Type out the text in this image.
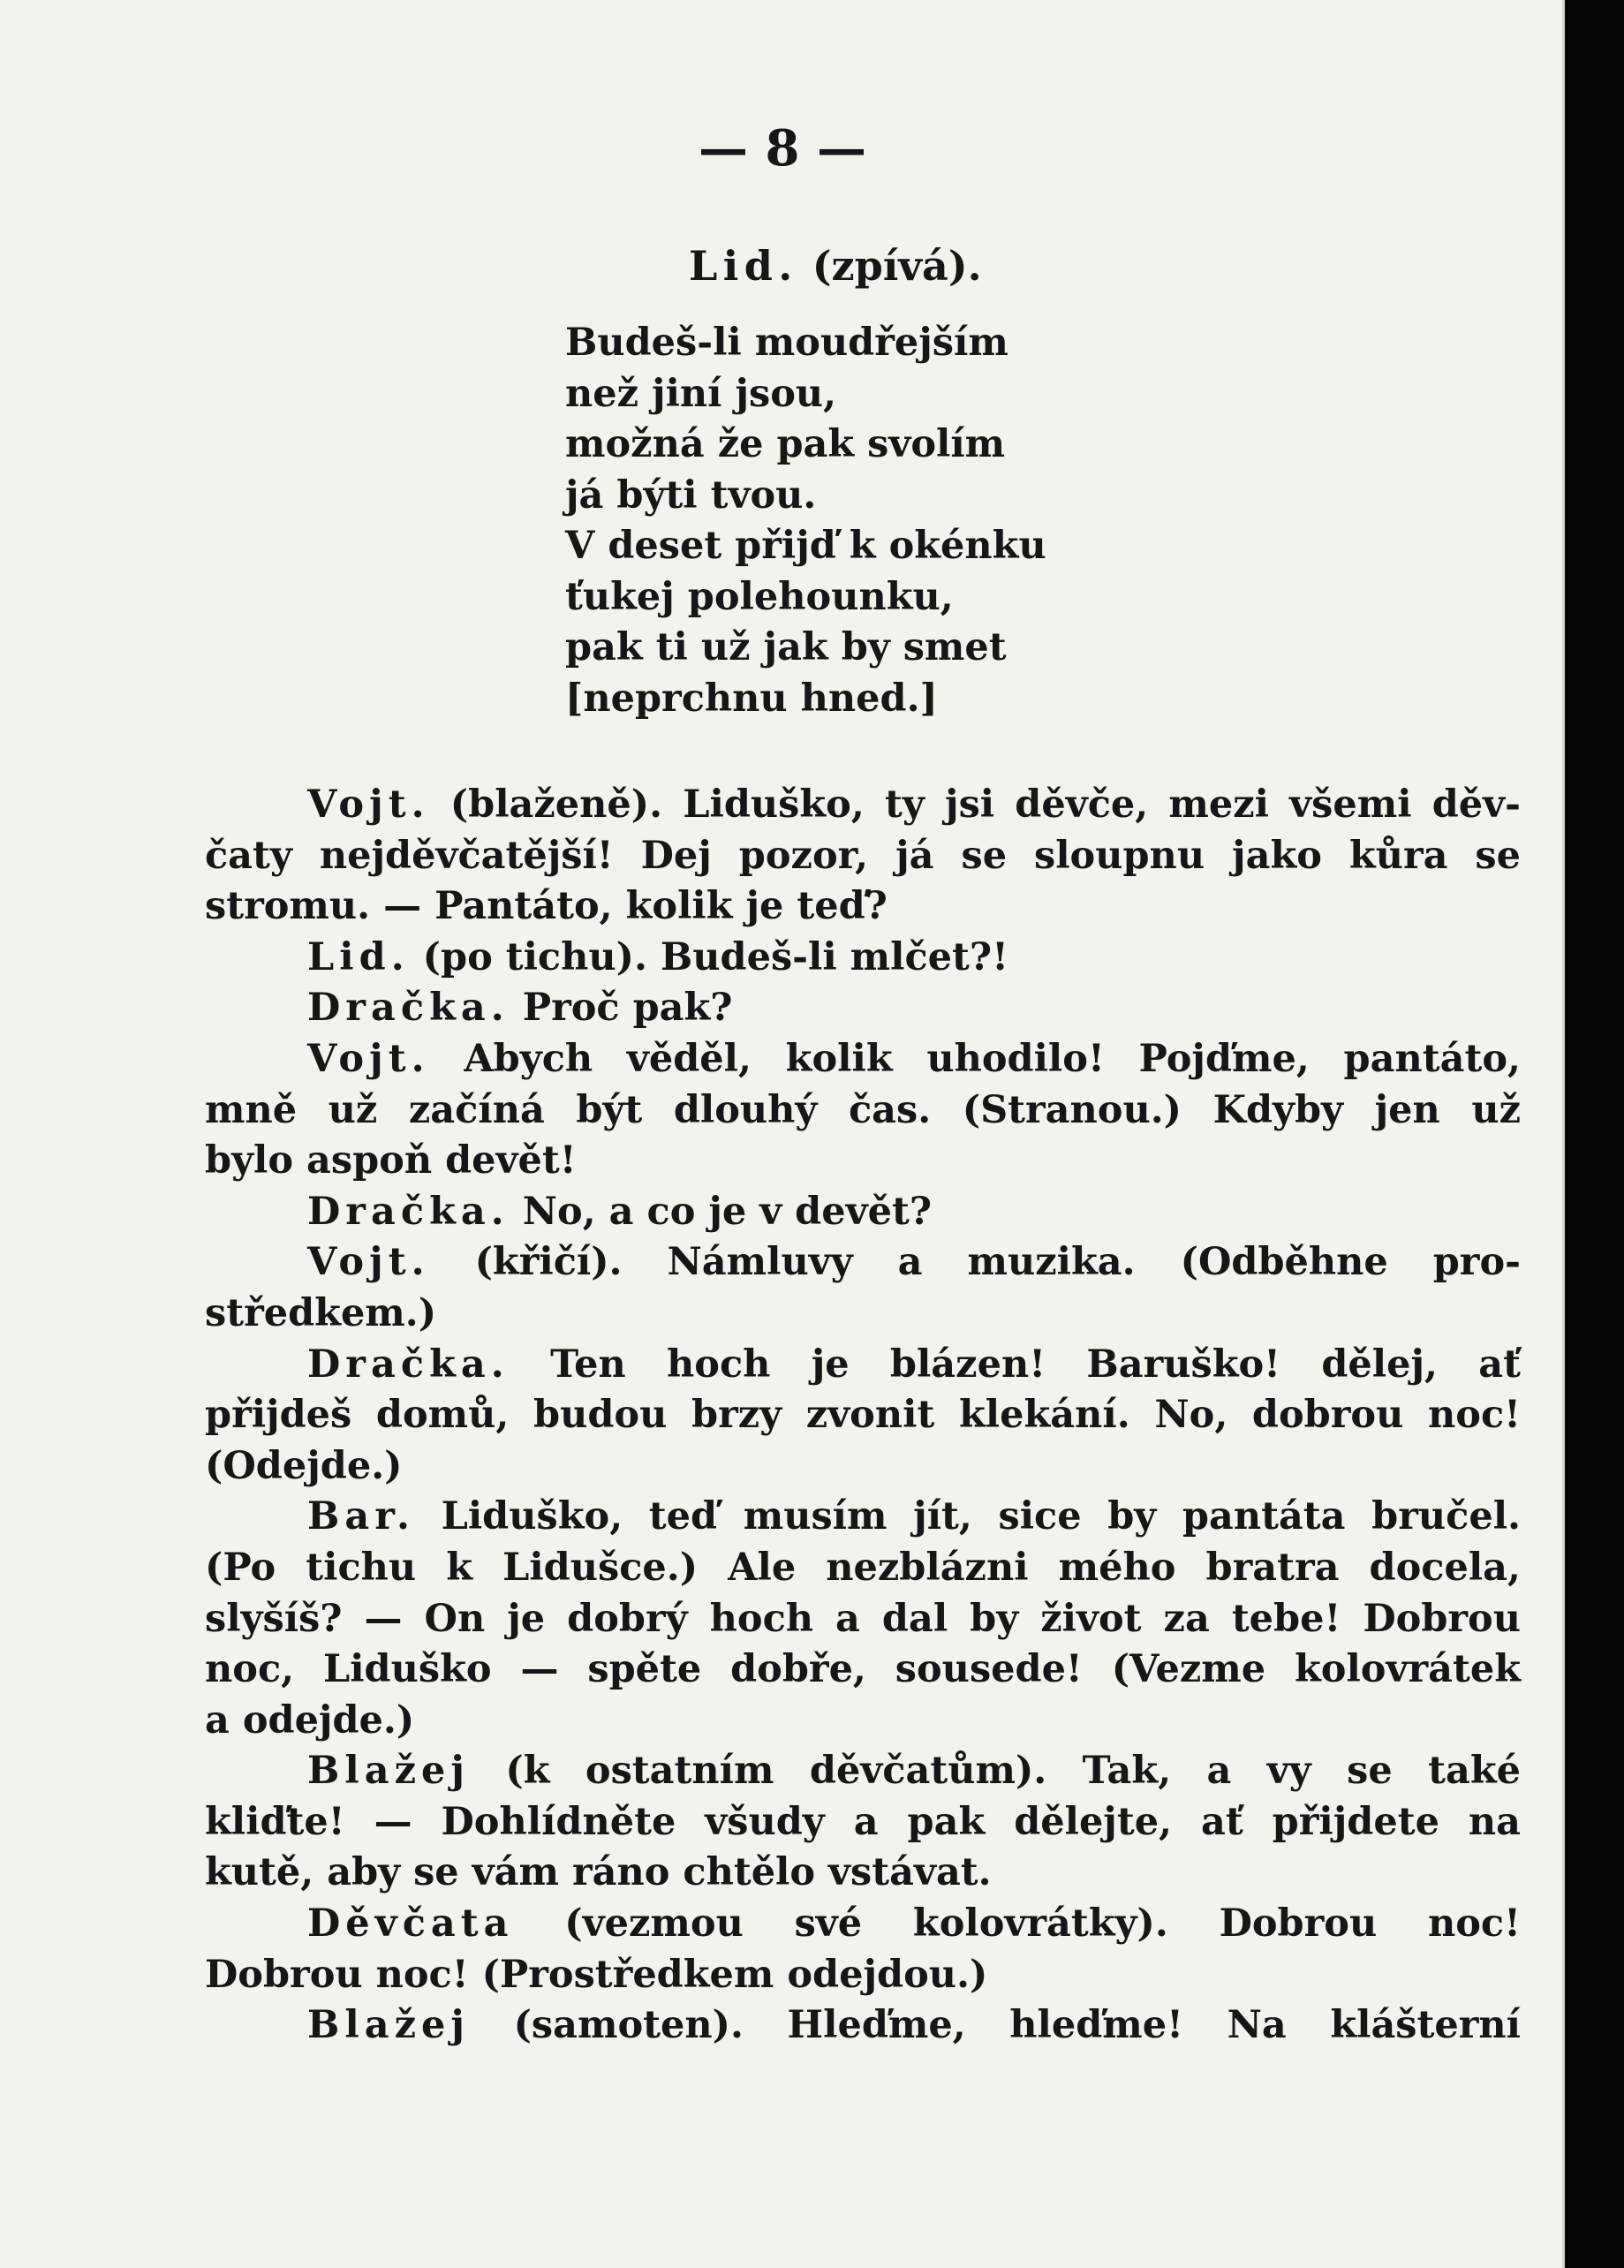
— 8 —
Lid. (zpívá).
Budeš-li moudřejším
než jiní jsou,
možná že pak svolím
já býti tvou.
V deset přijď k okénku
ťukej polehounku,
pak ti už jak by smet
[neprchnu hned.]
Vojt. (blaženě). Liduško, ty jsi děvče, mezi všemi děv-
čaty nejděvčatější! Dej pozor, já se sloupnu jako kůra se
stromu. — Pantáto, kolik je teď?
Lid. (po tichu). Budeš-li mlčet?!
Dračka. Proč pak?
Vojt. Abych věděl, kolik uhodilo! Pojďme, pantáto,
mně už začíná být dlouhý čas. (Stranou.) Kdyby jen už
bylo aspoň devět!
Dračka. No, a co je v devět?
Vojt. (křičí). Námluvy a muzika. (Odběhne pro-
středkem.)
Dračka. Ten hoch je blázen! Baruško! dělej, ať
přijdeš domů, budou brzy zvonit klekání. No, dobrou noc!
(Odejde.)
Bar. Liduško, teď musím jít, sice by pantáta bručel.
(Po tichu k Lidušce.) Ale nezblázni mého bratra docela,
slyšíš? — On je dobrý hoch a dal by život za tebe! Dobrou
noc, Liduško — spěte dobře, sousede! (Vezme kolovrátek
a odejde.)
Blažej (k ostatním děvčatům). Tak, a vy se také
kliďte! — Dohlídněte všudy a pak dělejte, ať přijdete na
kutě, aby se vám ráno chtělo vstávat.
Děvčata (vezmou své kolovrátky). Dobrou noc!
Dobrou noc! (Prostředkem odejdou.)
Blažej (samoten). Hleďme, hleďme! Na klášterní
